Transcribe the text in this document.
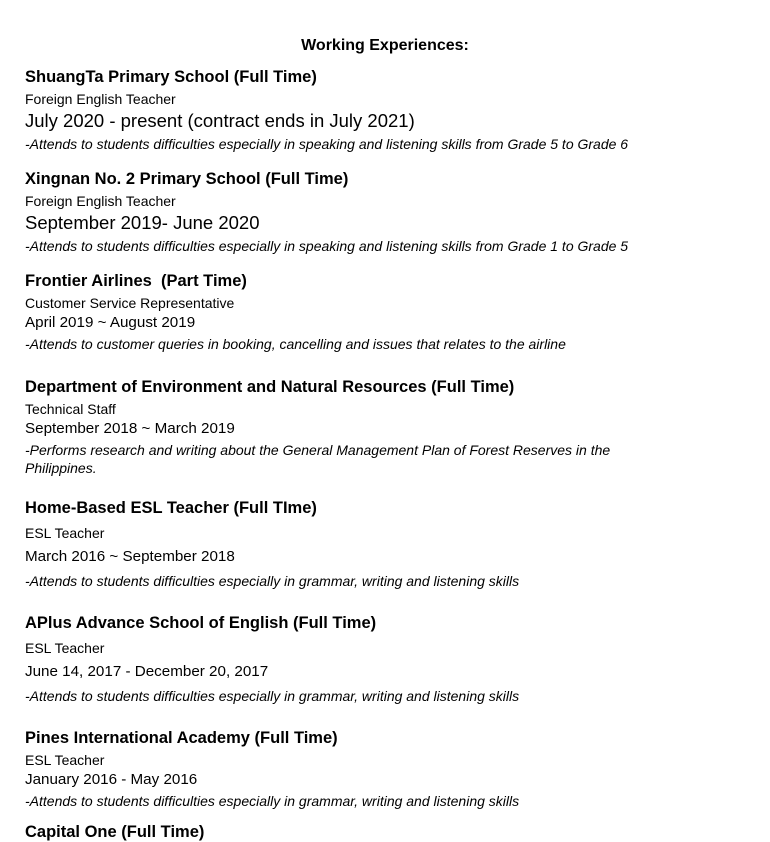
Working Experiences:
ShuangTa Primary School (Full Time)
Foreign English Teacher
July 2020 - present (contract ends in July 2021)
-Attends to students difficulties especially in speaking and listening skills from Grade 5 to Grade 6
Xingnan No. 2 Primary School (Full Time)
Foreign English Teacher
September 2019- June 2020
-Attends to students difficulties especially in speaking and listening skills from Grade 1 to Grade 5
Frontier Airlines  (Part Time)
Customer Service Representative
April 2019 ~ August 2019
-Attends to customer queries in booking, cancelling and issues that relates to the airline
Department of Environment and Natural Resources (Full Time)
Technical Staff
September 2018 ~ March 2019
-Performs research and writing about the General Management Plan of Forest Reserves in the Philippines.
Home-Based ESL Teacher (Full TIme)
ESL Teacher
March 2016 ~ September 2018
-Attends to students difficulties especially in grammar, writing and listening skills
APlus Advance School of English (Full Time)
ESL Teacher
June 14, 2017 - December 20, 2017
-Attends to students difficulties especially in grammar, writing and listening skills
Pines International Academy (Full Time)
ESL Teacher
January 2016 - May 2016
-Attends to students difficulties especially in grammar, writing and listening skills
Capital One (Full Time)
